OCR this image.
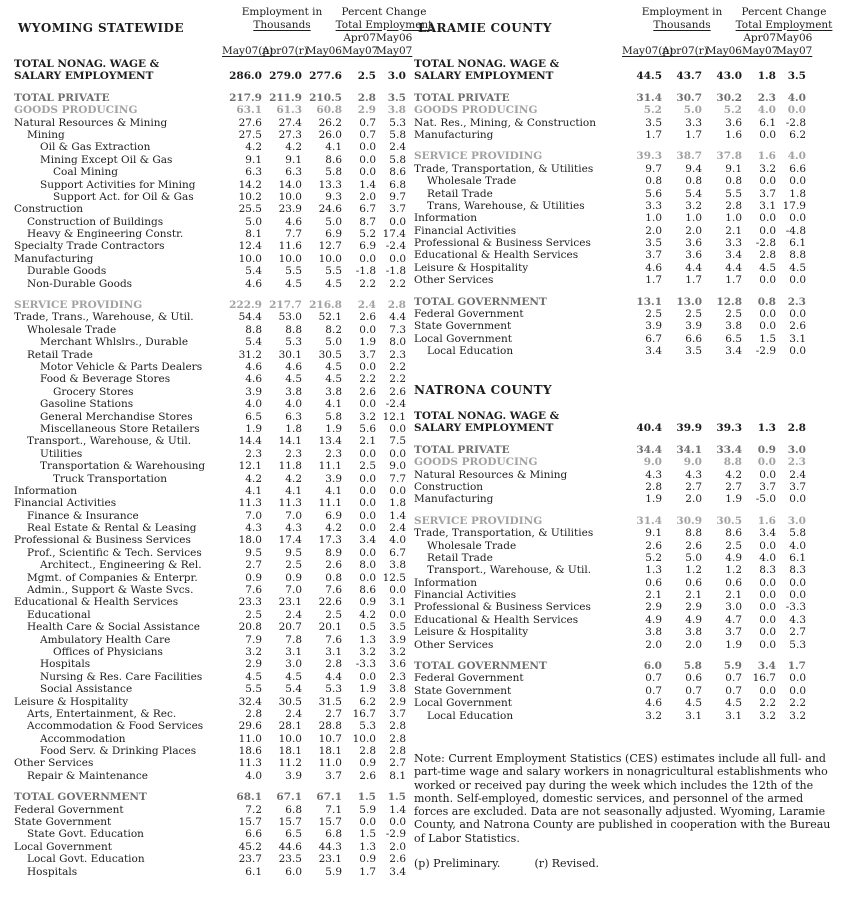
WYOMING STATEWIDE
Employment in
Thousands
Percent Change
Total Employment
Apr07 May06
May07(p)
Apr07(r)
May06 May07
May07
TOTAL NONAG. WAGE &
SALARY EMPLOYMENT	286.0 279.0 277.6	2.5	3.0
TOTAL PRIVATE	217.9 211.9 210.5	2.8	3.5
GOODS PRODUCING	63.1	61.3	60.8	2.9	3.8
Natural Resources & Mining	27.6	27.4	26.2	0.7	5.3
Mining	27.5	27.3	26.0	0.7	5.8
Oil & Gas Extraction	4.2	4.2	4.1	0.0	2.4
Mining Except Oil & Gas	9.1	9.1	8.6	0.0	5.8
Coal Mining	6.3	6.3	5.8	0.0	8.6
Support Activities for Mining	14.2	14.0	13.3	1.4	6.8
Support Act. for Oil & Gas	10.2	10.0	9.3	2.0	9.7
Construction	25.5	23.9	24.6	6.7	3.7
Construction of Buildings	5.0	4.6	5.0	8.7	0.0
Heavy & Engineering Constr.	8.1	7.7	6.9	5.2 17.4
Specialty Trade Contractors	12.4	11.6	12.7	6.9 -2.4
Manufacturing	10.0	10.0	10.0	0.0	0.0
Durable Goods	5.4	5.5	5.5	-1.8 -1.8
Non-Durable Goods	4.6	4.5	4.5	2.2	2.2
SERVICE PROVIDING	222.9 217.7 216.8	2.4	2.8
Trade, Trans., Warehouse, & Util.	54.4	53.0	52.1	2.6	4.4
Wholesale Trade	8.8	8.8	8.2	0.0	7.3
Merchant Whlslrs., Durable	5.4	5.3	5.0	1.9	8.0
Retail Trade	31.2	30.1	30.5	3.7	2.3
Motor Vehicle & Parts Dealers	4.6	4.6	4.5	0.0	2.2
Food & Beverage Stores	4.6	4.5	4.5	2.2	2.2
Grocery Stores	3.9	3.8	3.8	2.6	2.6
Gasoline Stations	4.0	4.0	4.1	0.0 -2.4
General Merchandise Stores	6.5	6.3	5.8	3.2 12.1
Miscellaneous Store Retailers	1.9	1.8	1.9	5.6	0.0
Transport., Warehouse, & Util.	14.4	14.1	13.4	2.1	7.5
Utilities	2.3	2.3	2.3	0.0	0.0
Transportation & Warehousing	12.1	11.8	11.1	2.5	9.0
Truck Transportation	4.2	4.2	3.9	0.0	7.7
Information	4.1	4.1	4.1	0.0	0.0
Financial Activities	11.3	11.3	11.1	0.0	1.8
Finance & Insurance	7.0	7.0	6.9	0.0	1.4
Real Estate & Rental & Leasing	4.3	4.3	4.2	0.0	2.4
Professional & Business Services	18.0	17.4	17.3	3.4	4.0
Prof., Scientific & Tech. Services	9.5	9.5	8.9	0.0	6.7
Architect., Engineering & Rel.	2.7	2.5	2.6	8.0	3.8
Mgmt. of Companies & Enterpr.	0.9	0.9	0.8	0.0 12.5
Admin., Support & Waste Svcs.	7.6	7.0	7.6	8.6	0.0
Educational & Health Services	23.3	23.1	22.6	0.9	3.1
Educational	2.5	2.4	2.5	4.2	0.0
Health Care & Social Assistance	20.8	20.7	20.1	0.5	3.5
Ambulatory Health Care	7.9	7.8	7.6	1.3	3.9
Offices of Physicians	3.2	3.1	3.1	3.2	3.2
Hospitals	2.9	3.0	2.8	-3.3	3.6
Nursing & Res. Care Facilities	4.5	4.5	4.4	0.0	2.3
Social Assistance	5.5	5.4	5.3	1.9	3.8
Leisure & Hospitality	32.4	30.5	31.5	6.2	2.9
Arts, Entertainment, & Rec.	2.8	2.4	2.7	16.7	3.7
Accommodation & Food Services	29.6	28.1	28.8	5.3	2.8
Accommodation	11.0	10.0	10.7	10.0	2.8
Food Serv. & Drinking Places	18.6	18.1	18.1	2.8	2.8
Other Services	11.3	11.2	11.0	0.9	2.7
Repair & Maintenance	4.0	3.9	3.7	2.6	8.1
TOTAL GOVERNMENT	68.1	67.1	67.1	1.5	1.5
Federal Government	7.2	6.8	7.1	5.9	1.4
State Government	15.7	15.7	15.7	0.0	0.0
State Govt. Education	6.6	6.5	6.8	1.5 -2.9
Local Government	45.2	44.6	44.3	1.3	2.0
Local Govt. Education	23.7	23.5	23.1	0.9	2.6
Hospitals	6.1	6.0	5.9	1.7	3.4
LARAMIE COUNTY
Employment in
Thousands
Percent Change
Total Employment
Apr07 May06
May07(p)
Apr07(r)
May06 May07
May07
TOTAL NONAG. WAGE &
SALARY EMPLOYMENT	44.5	43.7	43.0	1.8	3.5
TOTAL PRIVATE	31.4	30.7	30.2	2.3	4.0
GOODS PRODUCING	5.2	5.0	5.2	4.0	0.0
Nat. Res., Mining, & Construction	3.5	3.3	3.6	6.1 -2.8
Manufacturing	1.7	1.7	1.6	0.0	6.2
SERVICE PROVIDING	39.3	38.7	37.8	1.6	4.0
Trade, Transportation, & Utilities	9.7	9.4	9.1	3.2	6.6
Wholesale Trade	0.8	0.8	0.8	0.0	0.0
Retail Trade	5.6	5.4	5.5	3.7	1.8
Trans, Warehouse, & Utilities	3.3	3.2	2.8	3.1 17.9
Information	1.0	1.0	1.0	0.0	0.0
Financial Activities	2.0	2.0	2.1	0.0 -4.8
Professional & Business Services	3.5	3.6	3.3	-2.8	6.1
Educational & Health Services	3.7	3.6	3.4	2.8	8.8
Leisure & Hospitality	4.6	4.4	4.4	4.5	4.5
Other Services	1.7	1.7	1.7	0.0	0.0
TOTAL GOVERNMENT	13.1	13.0	12.8	0.8	2.3
Federal Government	2.5	2.5	2.5	0.0	0.0
State Government	3.9	3.9	3.8	0.0	2.6
Local Government	6.7	6.6	6.5	1.5	3.1
Local Education	3.4	3.5	3.4	-2.9	0.0
NATRONA COUNTY
TOTAL NONAG. WAGE &
SALARY EMPLOYMENT	40.4	39.9	39.3	1.3	2.8
TOTAL PRIVATE	34.4	34.1	33.4	0.9	3.0
GOODS PRODUCING	9.0	9.0	8.8	0.0	2.3
Natural Resources & Mining	4.3	4.3	4.2	0.0	2.4
Construction	2.8	2.7	2.7	3.7	3.7
Manufacturing	1.9	2.0	1.9	-5.0	0.0
SERVICE PROVIDING	31.4	30.9	30.5	1.6	3.0
Trade, Transportation, & Utilities	9.1	8.8	8.6	3.4	5.8
Wholesale Trade	2.6	2.6	2.5	0.0	4.0
Retail Trade	5.2	5.0	4.9	4.0	6.1
Transport., Warehouse, & Util.	1.3	1.2	1.2	8.3	8.3
Information	0.6	0.6	0.6	0.0	0.0
Financial Activities	2.1	2.1	2.1	0.0	0.0
Professional & Business Services	2.9	2.9	3.0	0.0 -3.3
Educational & Health Services	4.9	4.9	4.7	0.0	4.3
Leisure & Hospitality	3.8	3.8	3.7	0.0	2.7
Other Services	2.0	2.0	1.9	0.0	5.3
TOTAL GOVERNMENT	6.0	5.8	5.9	3.4	1.7
Federal Government	0.7	0.6	0.7	16.7	0.0
State Government	0.7	0.7	0.7	0.0	0.0
Local Government	4.6	4.5	4.5	2.2	2.2
Local Education	3.2	3.1	3.1	3.2	3.2
Note: Current Employment Statistics (CES) estimates include all full- and part-time wage and salary workers in nonagricultural establishments who worked or received pay during the week which includes the 12th of the month. Self-employed, domestic services, and personnel of the armed forces are excluded. Data are not seasonally adjusted. Wyoming, Laramie County, and Natrona County are published in cooperation with the Bureau of Labor Statistics.
(p) Preliminary.	(r) Revised.
